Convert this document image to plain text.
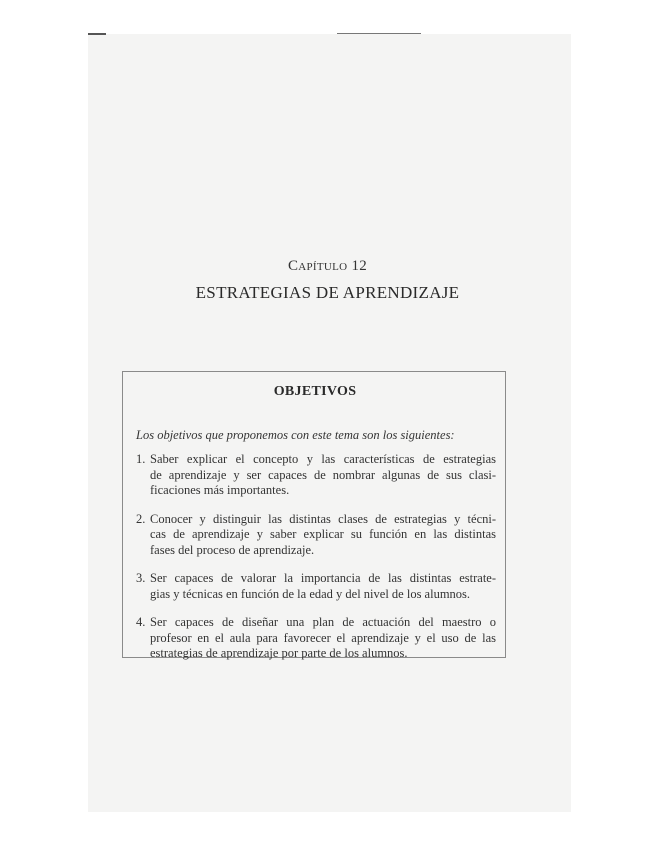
Capítulo 12
ESTRATEGIAS DE APRENDIZAJE
OBJETIVOS
Los objetivos que proponemos con este tema son los siguientes:
1. Saber explicar el concepto y las características de estrategias
de aprendizaje y ser capaces de nombrar algunas de sus clasi-
ficaciones más importantes.
2. Conocer y distinguir las distintas clases de estrategias y técni-
cas de aprendizaje y saber explicar su función en las distintas
fases del proceso de aprendizaje.
3. Ser capaces de valorar la importancia de las distintas estrate-
gias y técnicas en función de la edad y del nivel de los alumnos.
4. Ser capaces de diseñar una plan de actuación del maestro o
profesor en el aula para favorecer el aprendizaje y el uso de las
estrategias de aprendizaje por parte de los alumnos.
